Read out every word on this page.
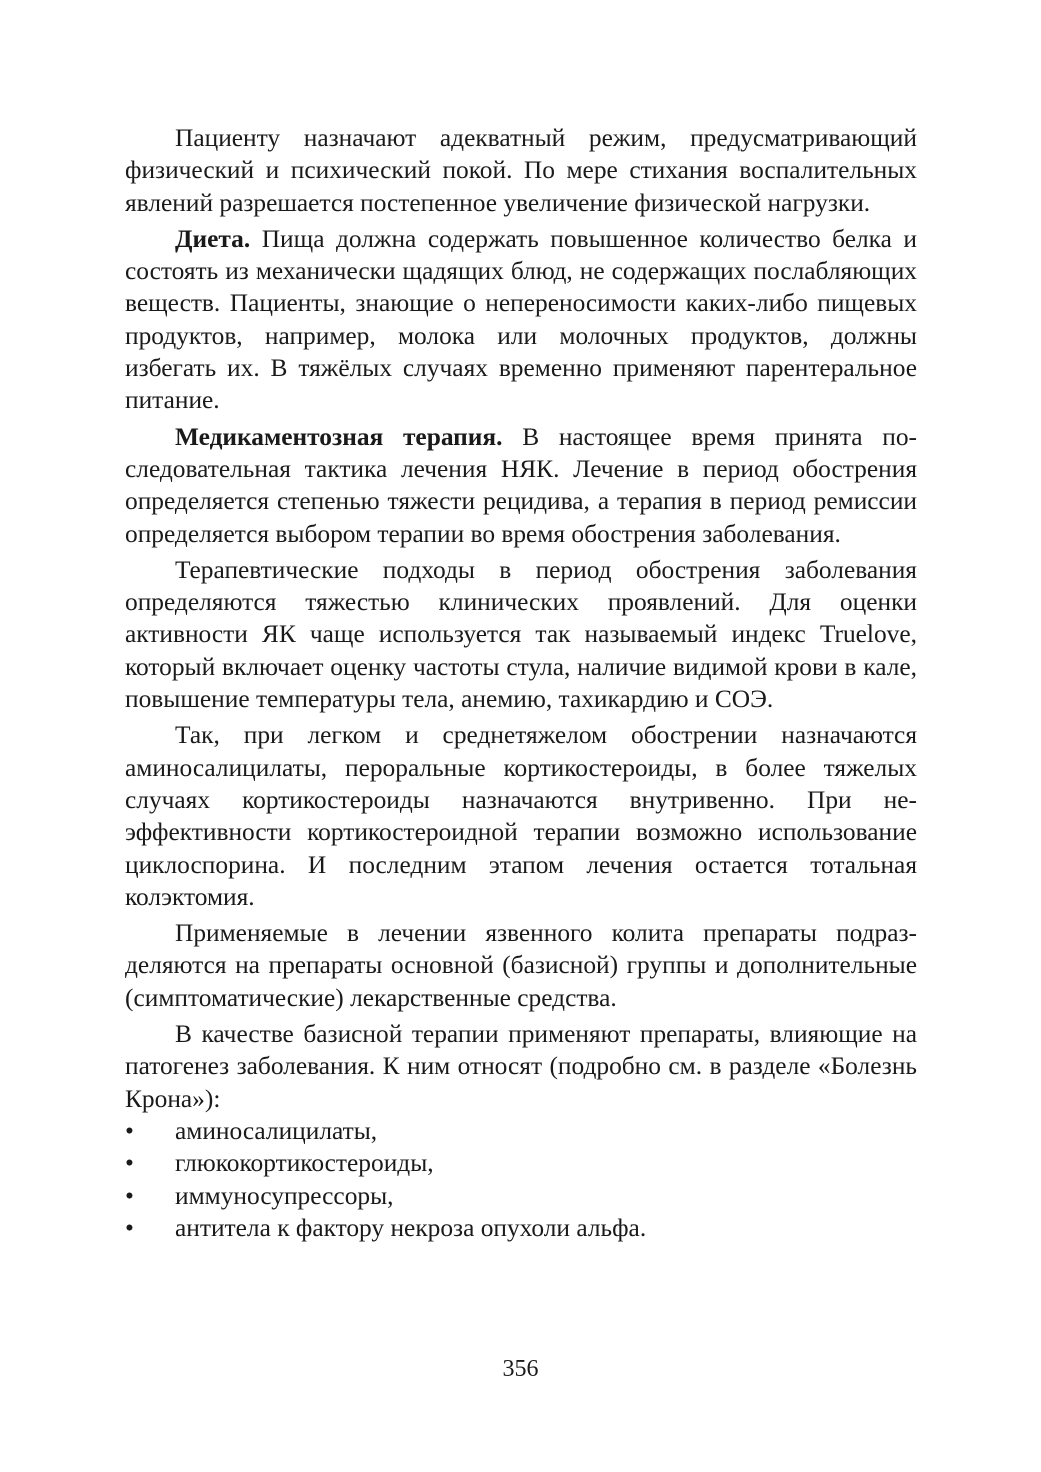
Пациенту назначают адекватный режим, предусматривающий физический и психический покой. По мере стихания воспалительных явлений разрешается постепенное увеличение физической нагрузки.

Диета. Пища должна содержать повышенное количество белка и состоять из механически щадящих блюд, не содержащих послабляющих веществ. Пациенты, знающие о непереносимости каких-либо пищевых продуктов, например, молока или молочных продуктов, должны избегать их. В тяжёлых случаях временно применяют парентеральное питание.

Медикаментозная терапия. В настоящее время принята последовательная тактика лечения НЯК. Лечение в период обострения определяется степенью тяжести рецидива, а терапия в период ремиссии определяется выбором терапии во время обострения заболевания.

Терапевтические подходы в период обострения заболевания определяются тяжестью клинических проявлений. Для оценки активности ЯК чаще используется так называемый индекс Truelove, который включает оценку частоты стула, наличие видимой крови в кале, повышение температуры тела, анемию, тахикардию и СОЭ.

Так, при легком и среднетяжелом обострении назначаются аминосалицилаты, пероральные кортикостероиды, в более тяжелых случаях кортикостероиды назначаются внутривенно. При неэффективности кортикостероидной терапии возможно использование циклоспорина. И последним этапом лечения остается тотальная колэктомия.

Применяемые в лечении язвенного колита препараты подразделяются на препараты основной (базисной) группы и дополнительные (симптоматические) лекарственные средства.

В качестве базисной терапии применяют препараты, влияющие на патогенез заболевания. К ним относят (подробно см. в разделе «Болезнь Крона»):

• аминосалицилаты,
• глюкокортикостероиды,
• иммуносупрессоры,
• антитела к фактору некроза опухоли альфа.
356
